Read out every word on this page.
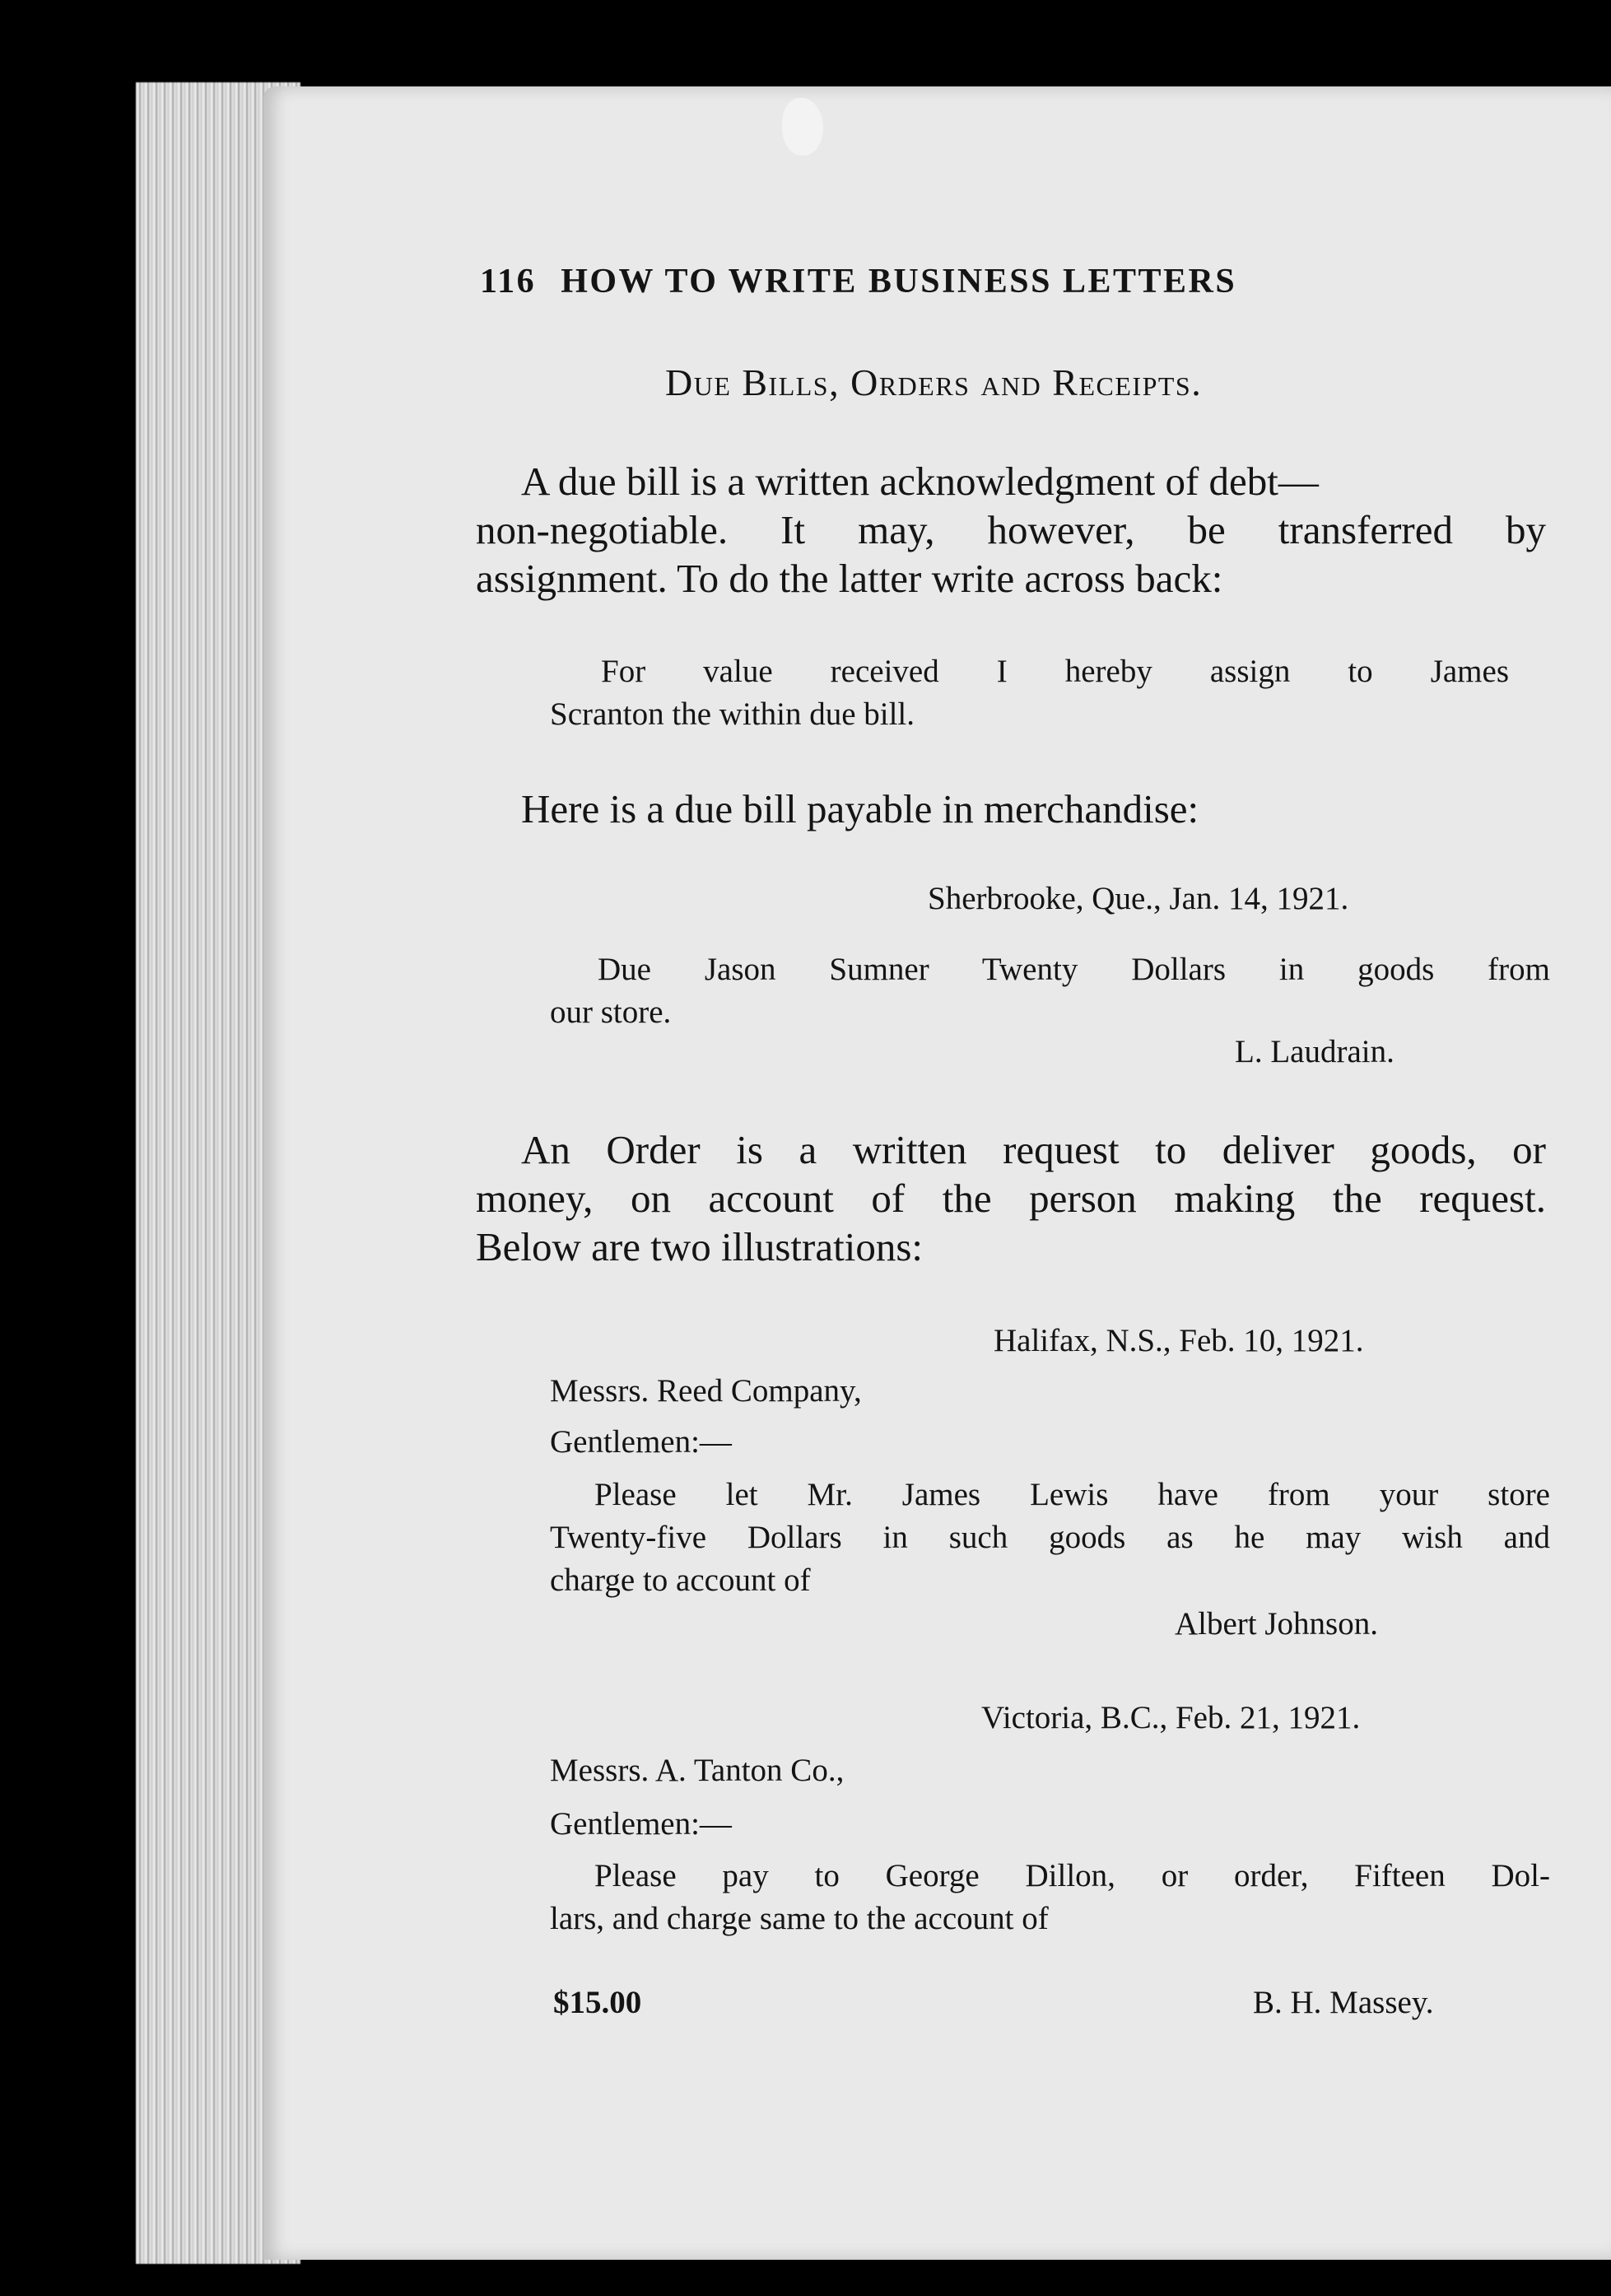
116 HOW TO WRITE BUSINESS LETTERS
Due Bills, Orders and Receipts.
A due bill is a written acknowledgment of debt—
non-negotiable. It may, however, be transferred by
assignment. To do the latter write across back:
For value received I hereby assign to James
Scranton the within due bill.
Here is a due bill payable in merchandise:
Sherbrooke, Que., Jan. 14, 1921.
Due Jason Sumner Twenty Dollars in goods from
our store.
L. Laudrain.
An Order is a written request to deliver goods, or
money, on account of the person making the request.
Below are two illustrations:
Halifax, N.S., Feb. 10, 1921.
Messrs. Reed Company,
Gentlemen:—
Please let Mr. James Lewis have from your store
Twenty-five Dollars in such goods as he may wish and
charge to account of
Albert Johnson.
Victoria, B.C., Feb. 21, 1921.
Messrs. A. Tanton Co.,
Gentlemen:—
Please pay to George Dillon, or order, Fifteen Dol-
lars, and charge same to the account of
$15.00	B. H. Massey.
